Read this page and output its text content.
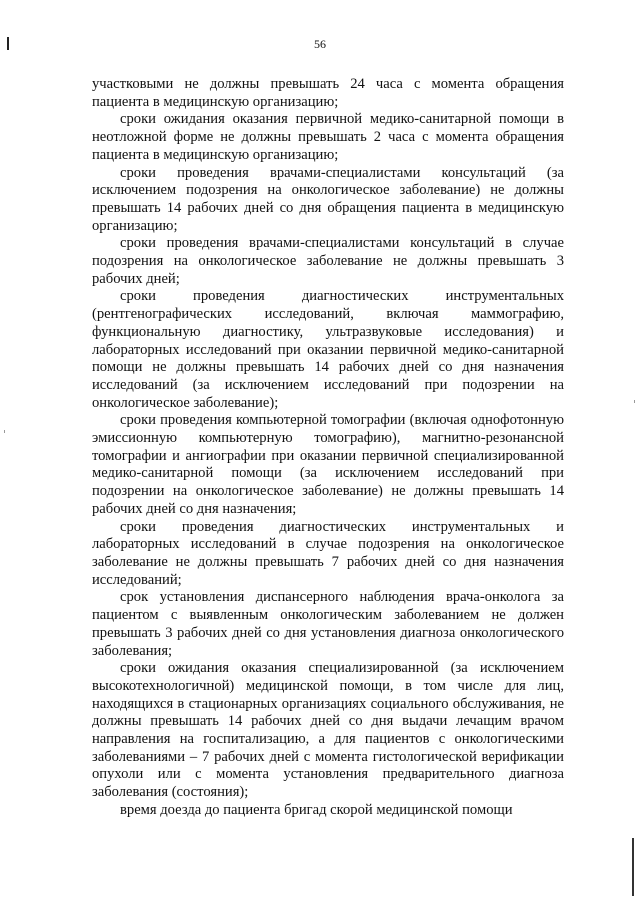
56

участковыми не должны превышать 24 часа с момента обращения пациента в медицинскую организацию;

сроки ожидания оказания первичной медико-санитарной помощи в неотложной форме не должны превышать 2 часа с момента обращения пациента в медицинскую организацию;

сроки проведения врачами-специалистами консультаций (за исключением подозрения на онкологическое заболевание) не должны превышать 14 рабочих дней со дня обращения пациента в медицинскую организацию;

сроки проведения врачами-специалистами консультаций в случае подозрения на онкологическое заболевание не должны превышать 3 рабочих дней;

сроки проведения диагностических инструментальных (рентгенографических исследований, включая маммографию, функциональную диагностику, ультразвуковые исследования) и лабораторных исследований при оказании первичной медико-санитарной помощи не должны превышать 14 рабочих дней со дня назначения исследований (за исключением исследований при подозрении на онкологическое заболевание);

сроки проведения компьютерной томографии (включая однофотонную эмиссионную компьютерную томографию), магнитно-резонансной томографии и ангиографии при оказании первичной специализированной медико-санитарной помощи (за исключением исследований при подозрении на онкологическое заболевание) не должны превышать 14 рабочих дней со дня назначения;

сроки проведения диагностических инструментальных и лабораторных исследований в случае подозрения на онкологическое заболевание не должны превышать 7 рабочих дней со дня назначения исследований;

срок установления диспансерного наблюдения врача-онколога за пациентом с выявленным онкологическим заболеванием не должен превышать 3 рабочих дней со дня установления диагноза онкологического заболевания;

сроки ожидания оказания специализированной (за исключением высокотехнологичной) медицинской помощи, в том числе для лиц, находящихся в стационарных организациях социального обслуживания, не должны превышать 14 рабочих дней со дня выдачи лечащим врачом направления на госпитализацию, а для пациентов с онкологическими заболеваниями – 7 рабочих дней с момента гистологической верификации опухоли или с момента установления предварительного диагноза заболевания (состояния);

время доезда до пациента бригад скорой медицинской помощи
